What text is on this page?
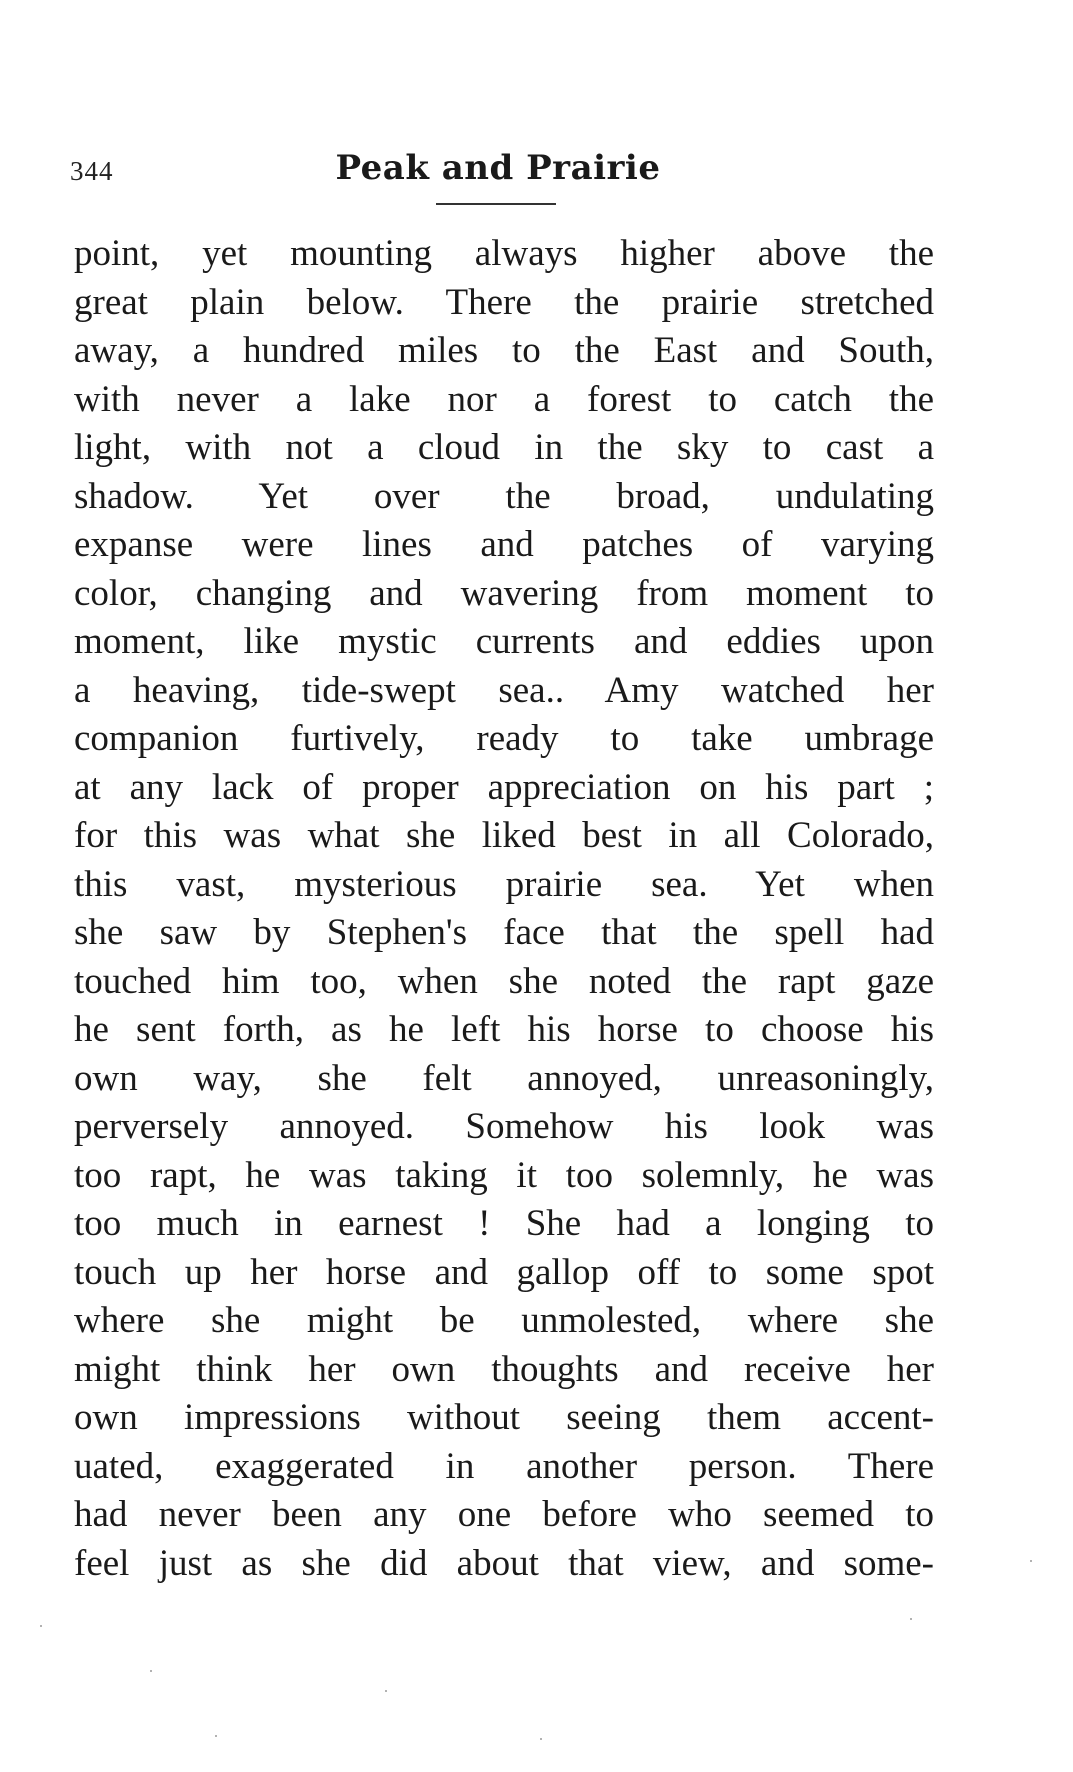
344	Peak and Prairie
point, yet mounting always higher above the
great plain below. There the prairie stretched
away, a hundred miles to the East and South,
with never a lake nor a forest to catch the
light, with not a cloud in the sky to cast a
shadow. Yet over the broad, undulating
expanse were lines and patches of varying
color, changing and wavering from moment to
moment, like mystic currents and eddies upon
a heaving, tide-swept sea.. Amy watched her
companion furtively, ready to take umbrage
at any lack of proper appreciation on his part ;
for this was what she liked best in all Colorado,
this vast, mysterious prairie sea. Yet when
she saw by Stephen's face that the spell had
touched him too, when she noted the rapt gaze
he sent forth, as he left his horse to choose his
own way, she felt annoyed, unreasoningly,
perversely annoyed. Somehow his look was
too rapt, he was taking it too solemnly, he was
too much in earnest ! She had a longing to
touch up her horse and gallop off to some spot
where she might be unmolested, where she
might think her own thoughts and receive her
own impressions without seeing them accent-
uated, exaggerated in another person. There
had never been any one before who seemed to
feel just as she did about that view, and some-
